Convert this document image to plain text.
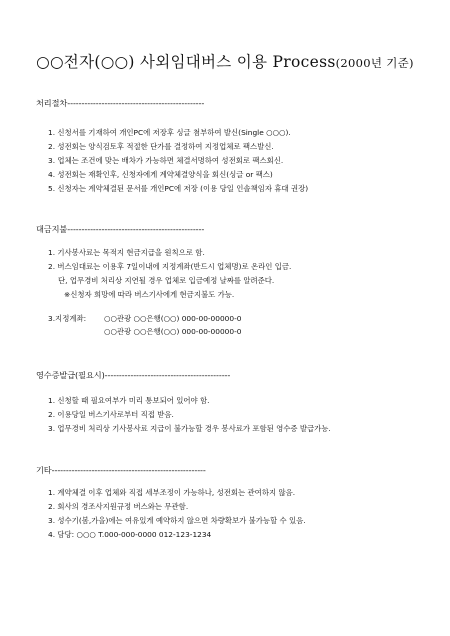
○○전자(○○) 사외임대버스 이용 Process(2000년 기준)
처리절차------------------------------------------------
1. 신청서를 기재하여 개인PC에 저장후 싱글 첨부하여 발신(Single ○○○).
2. 성전회는 양식검토후 적절한 단가를 결정하여 지정업체로 팩스발신.
3. 업체는 조건에 맞는 배차가 가능하면 체결서명하여 성전회로 팩스회신.
4. 성전회는 재확인후, 신청자에게 계약체결양식을 회신(싱글 or 팩스)
5. 신청자는 계약체결된 문서를 개인PC에 저장 (이용 당일 인솔책임자 휴대 권장)
대금지불------------------------------------------------
1. 기사봉사료는 목적지 현금지급을 원칙으로 함.
2. 버스임대료는 이용후 7일이내에 지정계좌(반드시 업체명)로 온라인 입금.
단, 업무경비 처리상 지연될 경우 업체로 입금예정 날짜를 알려준다.
※신청자 희망에 따라 버스기사에게 현금지불도 가능.
3.지정계좌: ○○관광 ○○은행(○○) 000-00-00000-0
○○관광 ○○은행(○○) 000-00-00000-0
영수증발급(필요시)--------------------------------------------
1. 신청할 때 필요여부가 미리 통보되어 있어야 함.
2. 이용당일 버스기사로부터 직접 받음.
3. 업무경비 처리상 기사봉사료 지급이 불가능할 경우 봉사료가 포함된 영수증 발급가능.
기타------------------------------------------------------
1. 계약체결 이후 업체와 직접 세부조정이 가능하나, 성전회는 관여하지 않음.
2. 회사의 경조사지원규정 버스와는 무관함.
3. 성수기(봄,가을)에는 여유있게 예약하지 않으면 차량확보가 불가능할 수 있음.
4. 담당: ○○○ T.000-000-0000 012-123-1234
